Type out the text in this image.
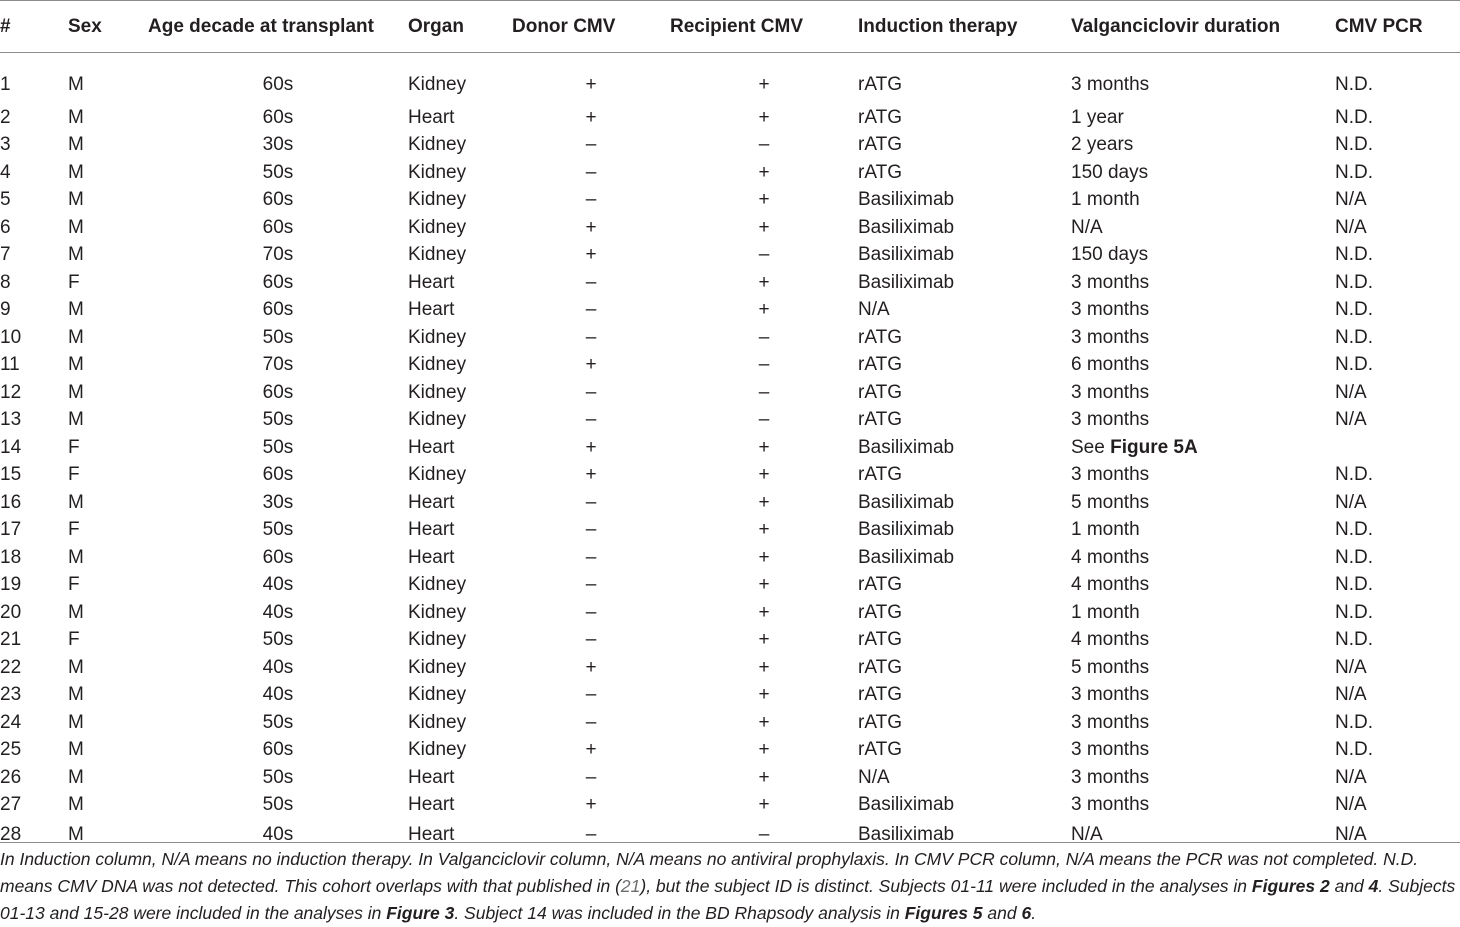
#	Sex	Age decade at transplant	Organ	Donor CMV	Recipient CMV	Induction therapy	Valganciclovir duration	CMV PCR
1	M	60s	Kidney	+	+	rATG	3 months	N.D.
2	M	60s	Heart	+	+	rATG	1 year	N.D.
3	M	30s	Kidney	–	–	rATG	2 years	N.D.
4	M	50s	Kidney	–	+	rATG	150 days	N.D.
5	M	60s	Kidney	–	+	Basiliximab	1 month	N/A
6	M	60s	Kidney	+	+	Basiliximab	N/A	N/A
7	M	70s	Kidney	+	–	Basiliximab	150 days	N.D.
8	F	60s	Heart	–	+	Basiliximab	3 months	N.D.
9	M	60s	Heart	–	+	N/A	3 months	N.D.
10	M	50s	Kidney	–	–	rATG	3 months	N.D.
11	M	70s	Kidney	+	–	rATG	6 months	N.D.
12	M	60s	Kidney	–	–	rATG	3 months	N/A
13	M	50s	Kidney	–	–	rATG	3 months	N/A
14	F	50s	Heart	+	+	Basiliximab	See Figure 5A	
15	F	60s	Kidney	+	+	rATG	3 months	N.D.
16	M	30s	Heart	–	+	Basiliximab	5 months	N/A
17	F	50s	Heart	–	+	Basiliximab	1 month	N.D.
18	M	60s	Heart	–	+	Basiliximab	4 months	N.D.
19	F	40s	Kidney	–	+	rATG	4 months	N.D.
20	M	40s	Kidney	–	+	rATG	1 month	N.D.
21	F	50s	Kidney	–	+	rATG	4 months	N.D.
22	M	40s	Kidney	+	+	rATG	5 months	N/A
23	M	40s	Kidney	–	+	rATG	3 months	N/A
24	M	50s	Kidney	–	+	rATG	3 months	N.D.
25	M	60s	Kidney	+	+	rATG	3 months	N.D.
26	M	50s	Heart	–	+	N/A	3 months	N/A
27	M	50s	Heart	+	+	Basiliximab	3 months	N/A
28	M	40s	Heart	–	–	Basiliximab	N/A	N/A
In Induction column, N/A means no induction therapy. In Valganciclovir column, N/A means no antiviral prophylaxis. In CMV PCR column, N/A means the PCR was not completed. N.D. means CMV DNA was not detected. This cohort overlaps with that published in (21), but the subject ID is distinct. Subjects 01-11 were included in the analyses in Figures 2 and 4. Subjects 01-13 and 15-28 were included in the analyses in Figure 3. Subject 14 was included in the BD Rhapsody analysis in Figures 5 and 6.
